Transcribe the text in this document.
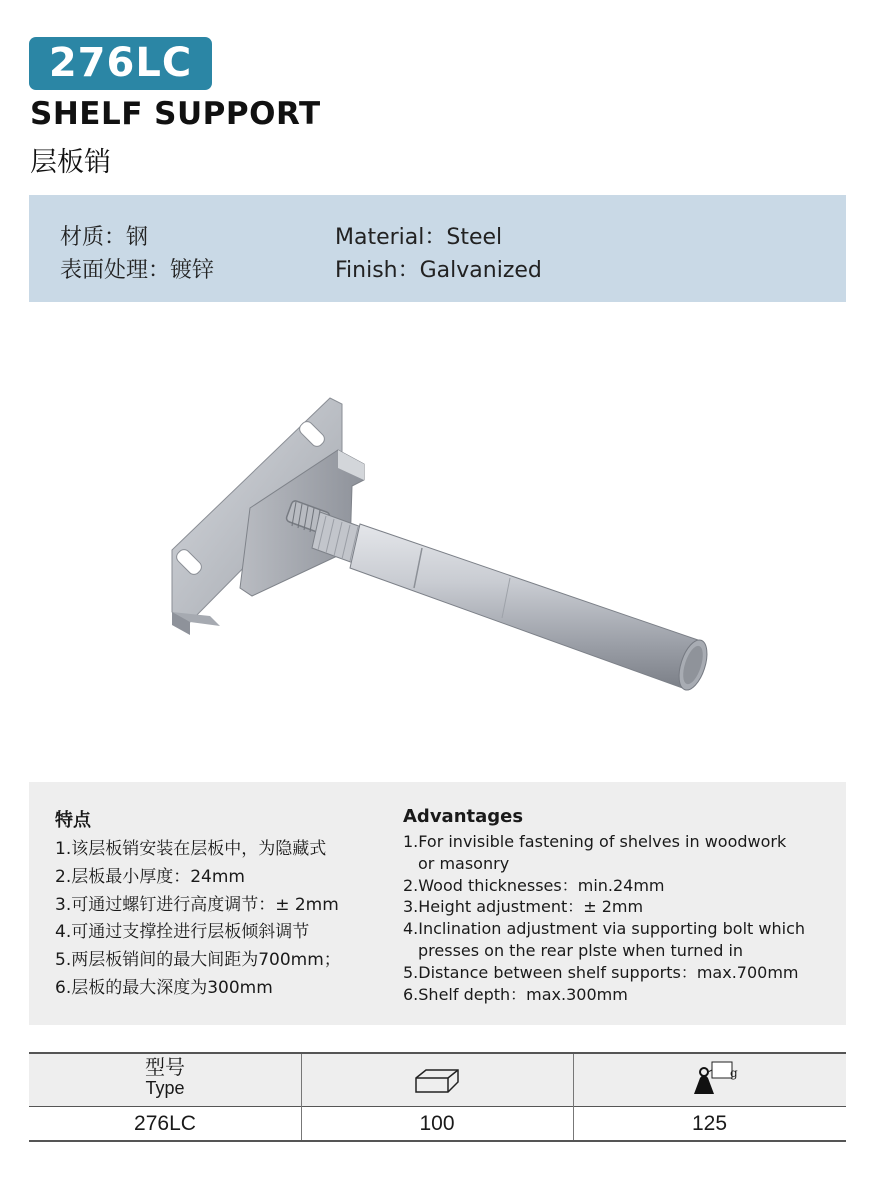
276LC
SHELF SUPPORT
层板销
材质：钢
表面处理：镀锌
Material：Steel
Finish：Galvanized
特点
1.该层板销安装在层板中，为隐藏式
2.层板最小厚度：24mm
3.可通过螺钉进行高度调节：± 2mm
4.可通过支撑拴进行层板倾斜调节
5.两层板销间的最大间距为700mm；
6.层板的最大深度为300mm
Advantages
1.For invisible fastening of shelves in woodwork
or masonry
2.Wood thicknesses：min.24mm
3.Height adjustment：± 2mm
4.Inclination adjustment via supporting bolt which
presses on the rear plste when turned in
5.Distance between shelf supports：max.700mm
6.Shelf depth：max.300mm
型号
Type
g
276LC	100	125
